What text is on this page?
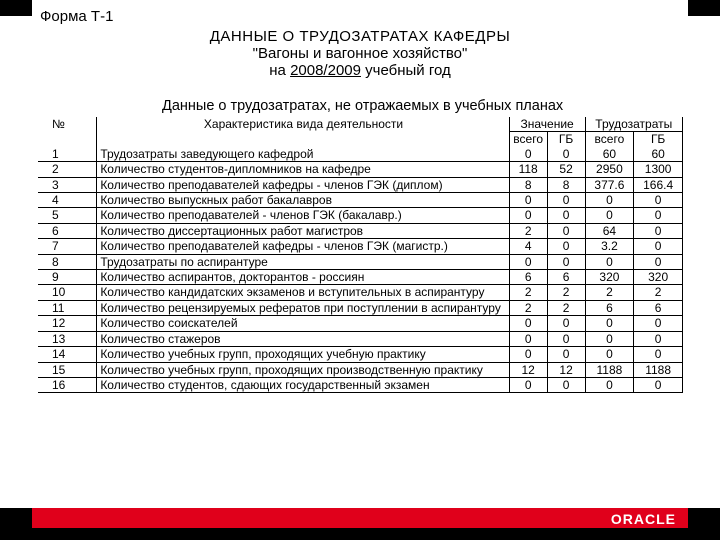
Форма Т-1
ДАННЫЕ О ТРУДОЗАТРАТАХ КАФЕДРЫ
"Вагоны и вагонное хозяйство"
на 2008/2009 учебный год
Данные о трудозатратах, не отражаемых в учебных планах
№	Характеристика вида деятельности	Значение		Трудозатраты	
		всего	ГБ	всего	ГБ
1	Трудозатраты заведующего кафедрой	0	0	60	60
2	Количество студентов-дипломников на кафедре	118	52	2950	1300
3	Количество преподавателей кафедры - членов ГЭК (диплом)	8	8	377.6	166.4
4	Количество выпускных работ бакалавров	0	0	0	0
5	Количество преподавателей - членов ГЭК (бакалавр.)	0	0	0	0
6	Количество диссертационных работ магистров	2	0	64	0
7	Количество преподавателей кафедры - членов ГЭК (магистр.)	4	0	3.2	0
8	Трудозатраты по аспирантуре	0	0	0	0
9	Количество аспирантов, докторантов - россиян	6	6	320	320
10	Количество кандидатских экзаменов и вступительных в аспирантуру	2	2	2	2
11	Количество рецензируемых рефератов при поступлении в аспирантуру	2	2	6	6
12	Количество соискателей	0	0	0	0
13	Количество стажеров	0	0	0	0
14	Количество учебных групп, проходящих учебную практику	0	0	0	0
15	Количество учебных групп, проходящих производственную практику	12	12	1188	1188
16	Количество студентов, сдающих государственный экзамен	0	0	0	0
ORACLE
